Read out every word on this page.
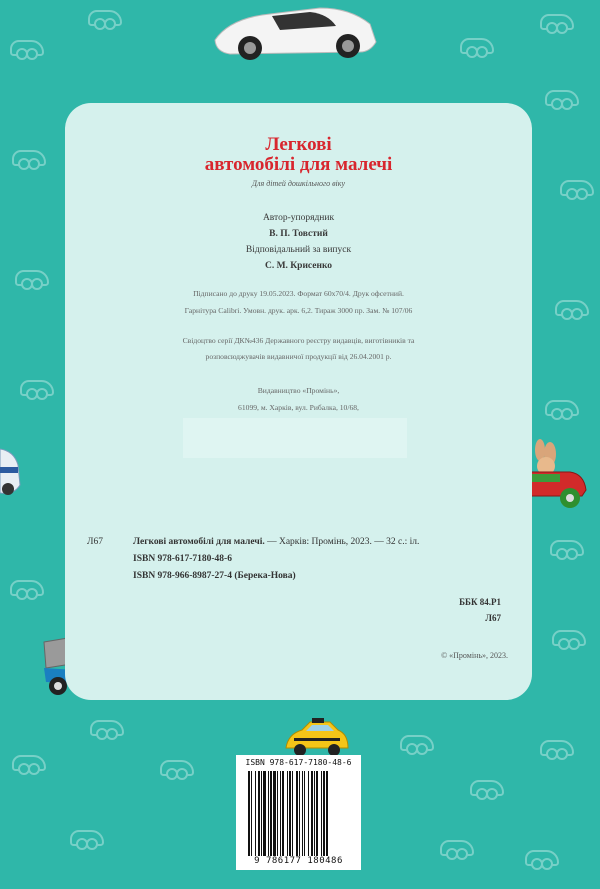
Легкові
автомобілі для малечі
Для дітей дошкільного віку
Автор-упорядник
В. П. Товстий
Відповідальний за випуск
С. М. Крисенко
Підписано до друку 19.05.2023. Формат 60х70/4. Друк офсетний.
Гарнітура Calibri. Умовн. друк. арк. 6,2. Тираж 3000 пр. Зам. № 107/06
Свідоцтво серії ДК№436 Державного реєстру видавців, виготівників та
розповсюджувачів видавничої продукції від 26.04.2001 р.
Видавництво «Промінь»,
61099, м. Харків, вул. Рибалка, 10/68,
Л67	Легкові автомобілі для малечі. — Харків: Промінь, 2023. — 32 с.: іл.
ISBN 978-617-7180-48-6
ISBN 978-966-8987-27-4 (Берека-Нова)
ББК 84.Р1
Л67
© «Промінь», 2023.
ISBN 978-617-7180-48-6
9 786177 180486
